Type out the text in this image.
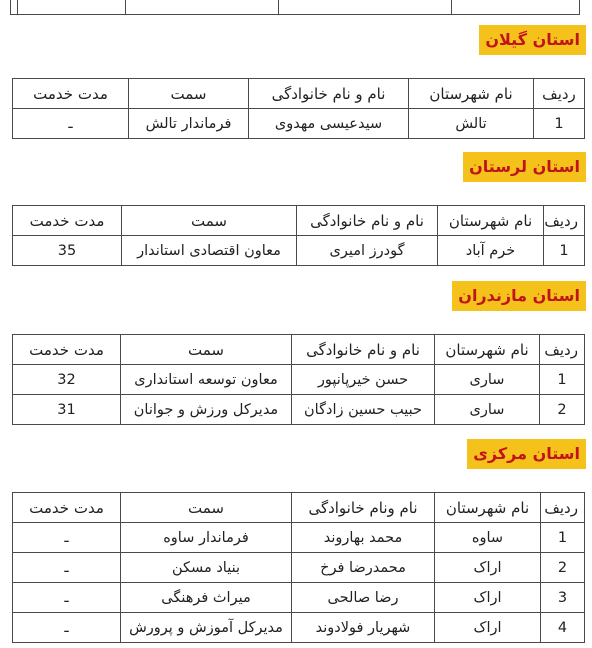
استان گیلان
ردیف	نام شهرستان	نام و نام خانوادگی	سمت	مدت خدمت
1	تالش	سیدعیسی مهدوی	فرماندار تالش	ـ
استان لرستان
ردیف	نام شهرستان	نام و نام خانوادگی	سمت	مدت خدمت
1	خرم آباد	گودرز امیری	معاون اقتصادی استاندار	35
استان مازندران
ردیف	نام شهرستان	نام و نام خانوادگی	سمت	مدت خدمت
1	ساری	حسن خیرپانپور	معاون توسعه استانداری	32
2	ساری	حبیب حسین زادگان	مدیرکل ورزش و جوانان	31
استان مرکزی
ردیف	نام شهرستان	نام ونام خانوادگی	سمت	مدت خدمت
1	ساوه	محمد بهاروند	فرماندار ساوه	ـ
2	اراک	محمدرضا فرخ	بنیاد مسکن	ـ
3	اراک	رضا صالحی	میراث فرهنگی	ـ
4	اراک	شهریار فولادوند	مدیرکل آموزش و پرورش	ـ
